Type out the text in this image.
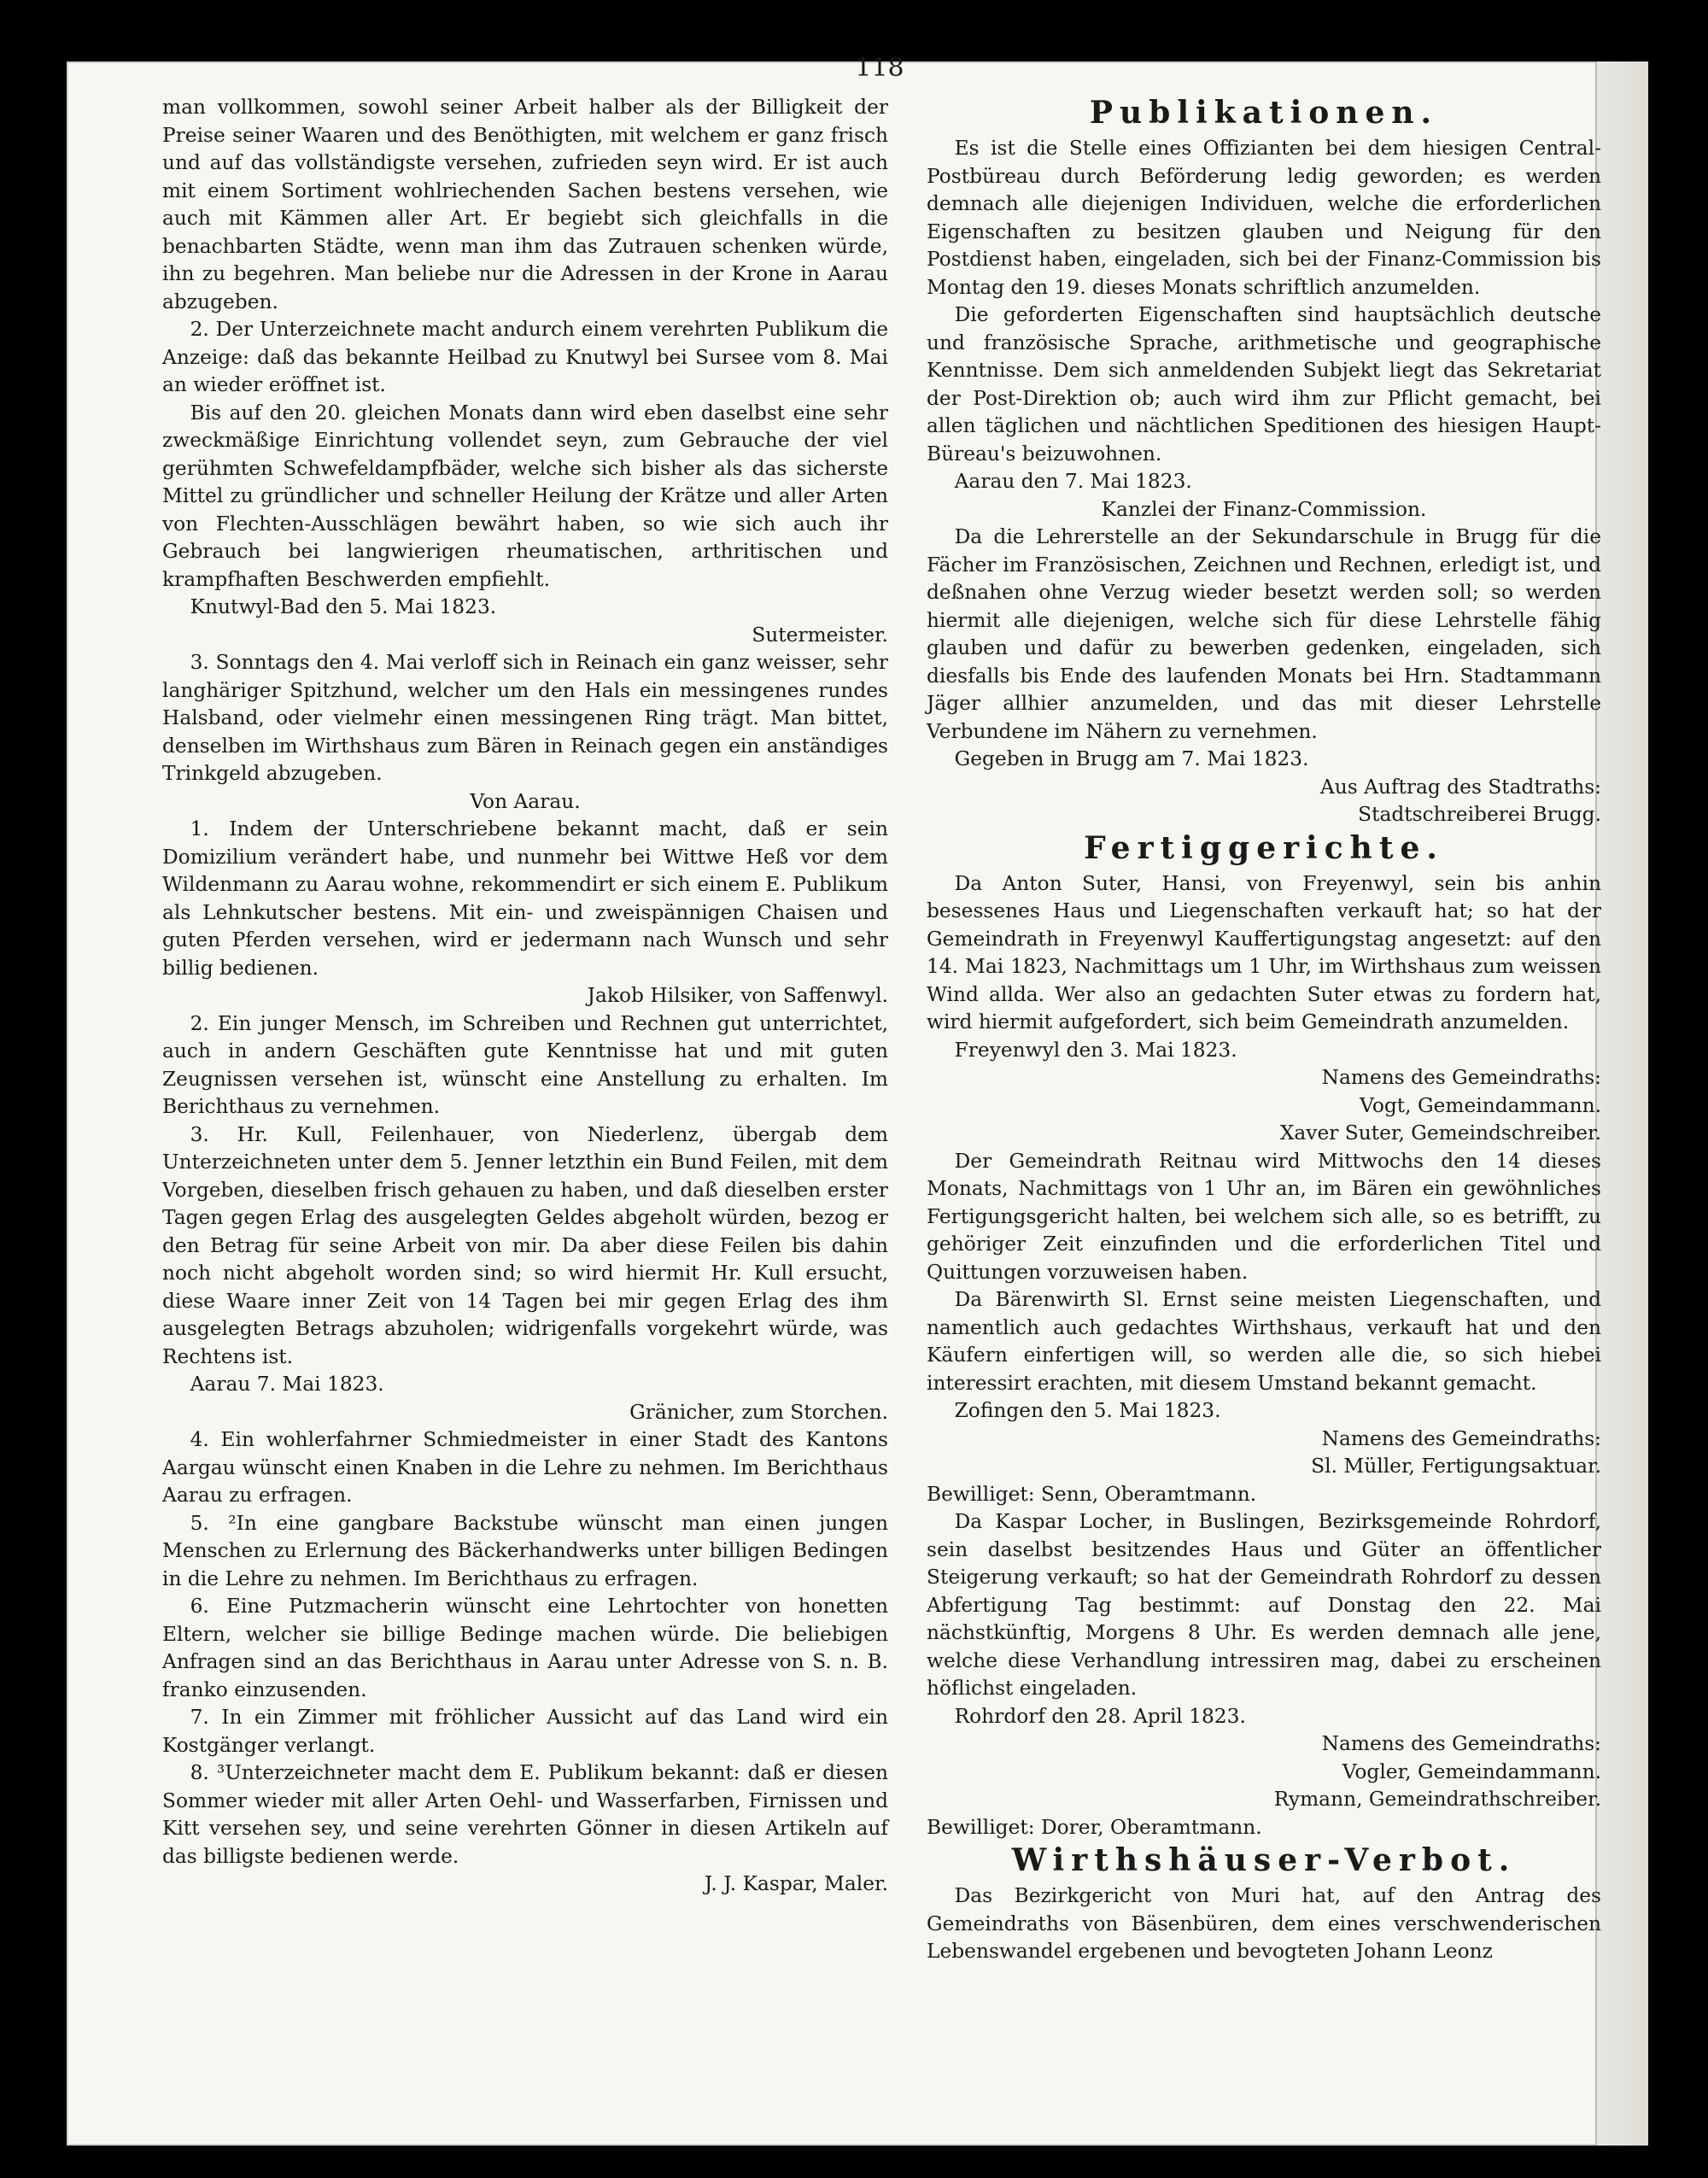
118

man vollkommen, sowohl seiner Arbeit halber als der Billigkeit der Preise seiner Waaren und des Benöthigten, mit welchem er ganz frisch und auf das vollständigste versehen, zufrieden seyn wird. Er ist auch mit einem Sortiment wohlriechenden Sachen bestens versehen, wie auch mit Kämmen aller Art. Er begiebt sich gleichfalls in die benachbarten Städte, wenn man ihm das Zutrauen schenken würde, ihn zu begehren. Man beliebe nur die Adressen in der Krone in Aarau abzugeben.

2. Der Unterzeichnete macht andurch einem verehrten Publikum die Anzeige: daß das bekannte Heilbad zu Knutwyl bei Sursee vom 8. Mai an wieder eröffnet ist.

Bis auf den 20. gleichen Monats dann wird eben daselbst eine sehr zweckmäßige Einrichtung vollendet seyn, zum Gebrauche der viel gerühmten Schwefeldampfbäder, welche sich bisher als das sicherste Mittel zu gründlicher und schneller Heilung der Krätze und aller Arten von Flechten-Ausschlägen bewährt haben, so wie sich auch ihr Gebrauch bei langwierigen rheumatischen, arthritischen und krampfhaften Beschwerden empfiehlt.

Knutwyl-Bad den 5. Mai 1823.

Sutermeister.

3. Sonntags den 4. Mai verloff sich in Reinach ein ganz weisser, sehr langhäriger Spitzhund, welcher um den Hals ein messingenes rundes Halsband, oder vielmehr einen messingenen Ring trägt. Man bittet, denselben im Wirthshaus zum Bären in Reinach gegen ein anständiges Trinkgeld abzugeben.

Von Aarau.

1. Indem der Unterschriebene bekannt macht, daß er sein Domizilium verändert habe, und nunmehr bei Wittwe Heß vor dem Wildenmann zu Aarau wohne, rekommendirt er sich einem E. Publikum als Lehnkutscher bestens. Mit ein- und zweispännigen Chaisen und guten Pferden versehen, wird er jedermann nach Wunsch und sehr billig bedienen.

Jakob Hilsiker, von Saffenwyl.

2. Ein junger Mensch, im Schreiben und Rechnen gut unterrichtet, auch in andern Geschäften gute Kenntnisse hat und mit guten Zeugnissen versehen ist, wünscht eine Anstellung zu erhalten. Im Berichthaus zu vernehmen.

3. Hr. Kull, Feilenhauer, von Niederlenz, übergab dem Unterzeichneten unter dem 5. Jenner letzthin ein Bund Feilen, mit dem Vorgeben, dieselben frisch gehauen zu haben, und daß dieselben erster Tagen gegen Erlag des ausgelegten Geldes abgeholt würden, bezog er den Betrag für seine Arbeit von mir. Da aber diese Feilen bis dahin noch nicht abgeholt worden sind; so wird hiermit Hr. Kull ersucht, diese Waare inner Zeit von 14 Tagen bei mir gegen Erlag des ihm ausgelegten Betrags abzuholen; widrigenfalls vorgekehrt würde, was Rechtens ist.

Aarau 7. Mai 1823.

Gränicher, zum Storchen.

4. Ein wohlerfahrner Schmiedmeister in einer Stadt des Kantons Aargau wünscht einen Knaben in die Lehre zu nehmen. Im Berichthaus Aarau zu erfragen.

5. ²In eine gangbare Backstube wünscht man einen jungen Menschen zu Erlernung des Bäckerhandwerks unter billigen Bedingen in die Lehre zu nehmen. Im Berichthaus zu erfragen.

6. Eine Putzmacherin wünscht eine Lehrtochter von honetten Eltern, welcher sie billige Bedinge machen würde. Die beliebigen Anfragen sind an das Berichthaus in Aarau unter Adresse von S. n. B. franko einzusenden.

7. In ein Zimmer mit fröhlicher Aussicht auf das Land wird ein Kostgänger verlangt.

8. ³Unterzeichneter macht dem E. Publikum bekannt: daß er diesen Sommer wieder mit aller Arten Oehl- und Wasserfarben, Firnissen und Kitt versehen sey, und seine verehrten Gönner in diesen Artikeln auf das billigste bedienen werde.

J. J. Kaspar, Maler.

Publikationen.

Es ist die Stelle eines Offizianten bei dem hiesigen Central-Postbüreau durch Beförderung ledig geworden; es werden demnach alle diejenigen Individuen, welche die erforderlichen Eigenschaften zu besitzen glauben und Neigung für den Postdienst haben, eingeladen, sich bei der Finanz-Commission bis Montag den 19. dieses Monats schriftlich anzumelden.

Die geforderten Eigenschaften sind hauptsächlich deutsche und französische Sprache, arithmetische und geographische Kenntnisse. Dem sich anmeldenden Subjekt liegt das Sekretariat der Post-Direktion ob; auch wird ihm zur Pflicht gemacht, bei allen täglichen und nächtlichen Speditionen des hiesigen Haupt-Büreau's beizuwohnen.

Aarau den 7. Mai 1823.

Kanzlei der Finanz-Commission.

Da die Lehrerstelle an der Sekundarschule in Brugg für die Fächer im Französischen, Zeichnen und Rechnen, erledigt ist, und deßnahen ohne Verzug wieder besetzt werden soll; so werden hiermit alle diejenigen, welche sich für diese Lehrstelle fähig glauben und dafür zu bewerben gedenken, eingeladen, sich diesfalls bis Ende des laufenden Monats bei Hrn. Stadtammann Jäger allhier anzumelden, und das mit dieser Lehrstelle Verbundene im Nähern zu vernehmen.

Gegeben in Brugg am 7. Mai 1823.

Aus Auftrag des Stadtraths:

Stadtschreiberei Brugg.

Fertiggerichte.

Da Anton Suter, Hansi, von Freyenwyl, sein bis anhin besessenes Haus und Liegenschaften verkauft hat; so hat der Gemeindrath in Freyenwyl Kauffertigungstag angesetzt: auf den 14. Mai 1823, Nachmittags um 1 Uhr, im Wirthshaus zum weissen Wind allda. Wer also an gedachten Suter etwas zu fordern hat, wird hiermit aufgefordert, sich beim Gemeindrath anzumelden.

Freyenwyl den 3. Mai 1823.

Namens des Gemeindraths:

Vogt, Gemeindammann.

Xaver Suter, Gemeindschreiber.

Der Gemeindrath Reitnau wird Mittwochs den 14 dieses Monats, Nachmittags von 1 Uhr an, im Bären ein gewöhnliches Fertigungsgericht halten, bei welchem sich alle, so es betrifft, zu gehöriger Zeit einzufinden und die erforderlichen Titel und Quittungen vorzuweisen haben.

Da Bärenwirth Sl. Ernst seine meisten Liegenschaften, und namentlich auch gedachtes Wirthshaus, verkauft hat und den Käufern einfertigen will, so werden alle die, so sich hiebei interessirt erachten, mit diesem Umstand bekannt gemacht.

Zofingen den 5. Mai 1823.

Namens des Gemeindraths:

Sl. Müller, Fertigungsaktuar.

Bewilliget: Senn, Oberamtmann.

Da Kaspar Locher, in Buslingen, Bezirksgemeinde Rohrdorf, sein daselbst besitzendes Haus und Güter an öffentlicher Steigerung verkauft; so hat der Gemeindrath Rohrdorf zu dessen Abfertigung Tag bestimmt: auf Donstag den 22. Mai nächstkünftig, Morgens 8 Uhr. Es werden demnach alle jene, welche diese Verhandlung intressiren mag, dabei zu erscheinen höflichst eingeladen.

Rohrdorf den 28. April 1823.

Namens des Gemeindraths:

Vogler, Gemeindammann.

Rymann, Gemeindrathschreiber.

Bewilliget: Dorer, Oberamtmann.

Wirthshäuser-Verbot.

Das Bezirkgericht von Muri hat, auf den Antrag des Gemeindraths von Bäsenbüren, dem eines verschwenderischen Lebenswandel ergebenen und bevogteten Johann Leonz
